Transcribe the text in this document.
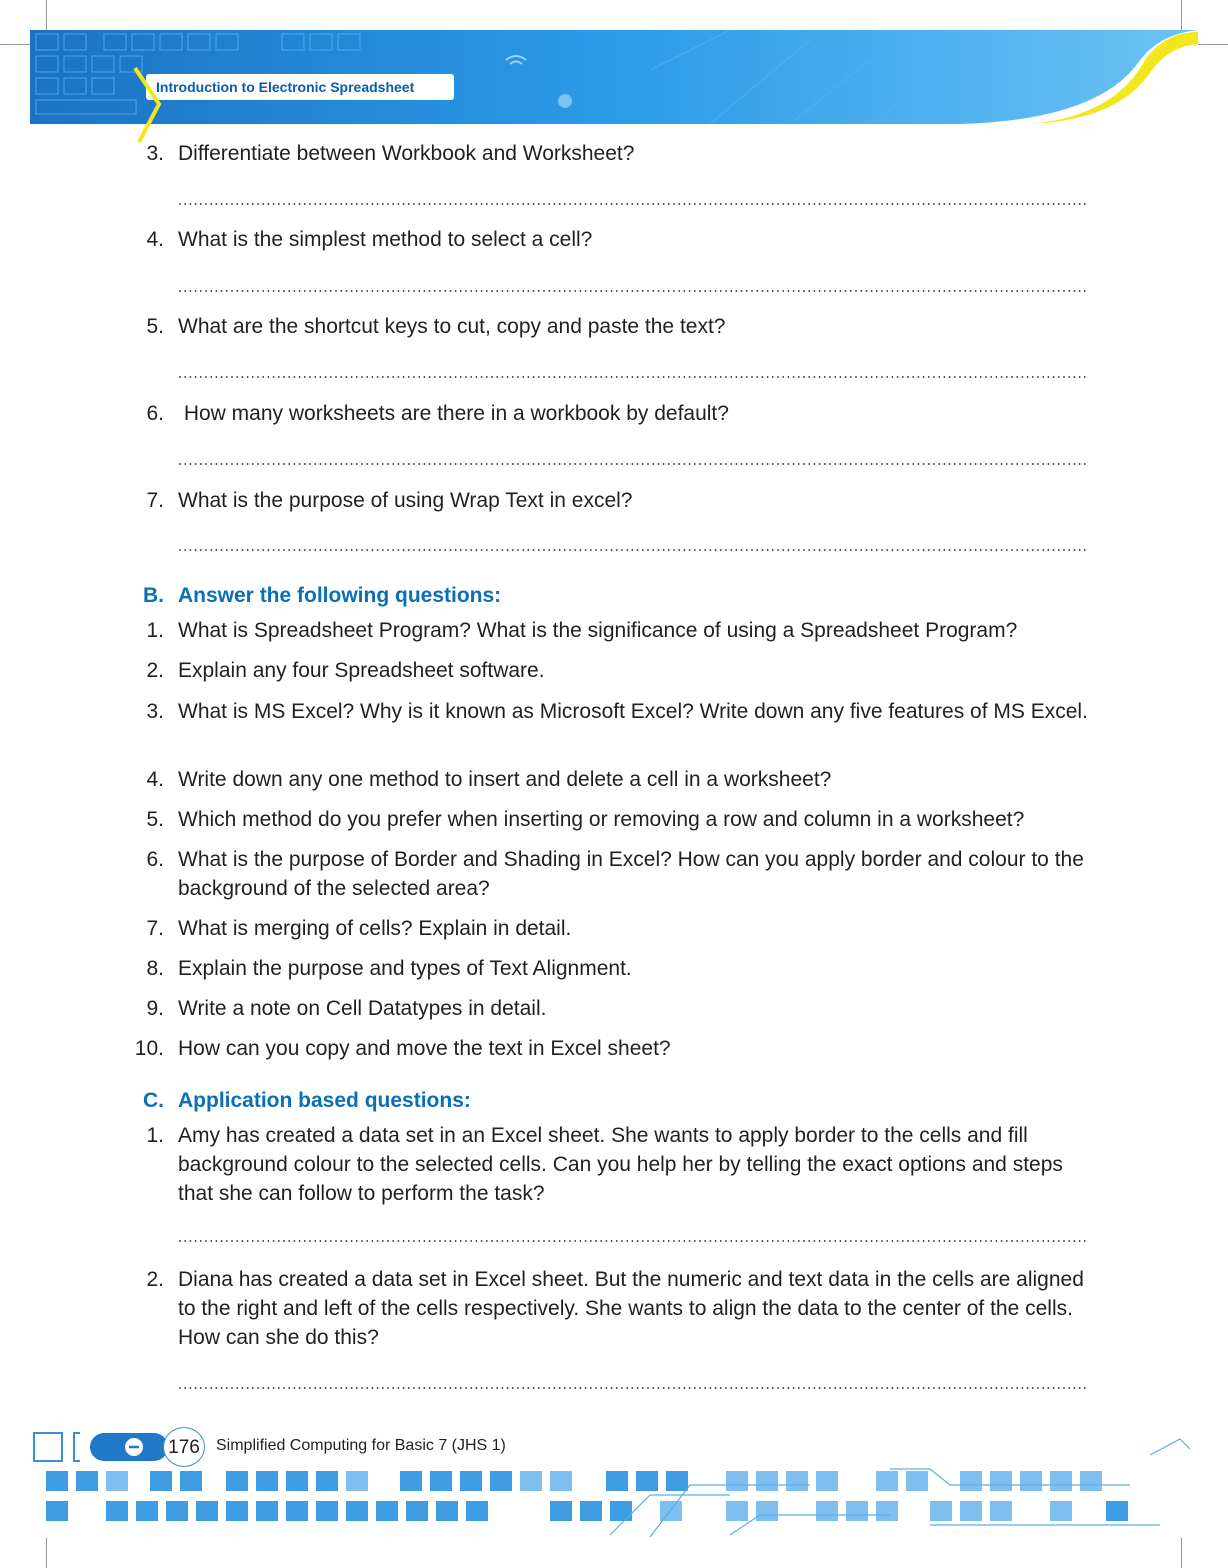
Introduction to Electronic Spreadsheet
3. Differentiate between Workbook and Worksheet?
4. What is the simplest method to select a cell?
5. What are the shortcut keys to cut, copy and paste the text?
6. How many worksheets are there in a workbook by default?
7. What is the purpose of using Wrap Text in excel?
B. Answer the following questions:
1. What is Spreadsheet Program? What is the significance of using a Spreadsheet Program?
2. Explain any four Spreadsheet software.
3. What is MS Excel? Why is it known as Microsoft Excel? Write down any five features of MS Excel.
4. Write down any one method to insert and delete a cell in a worksheet?
5. Which method do you prefer when inserting or removing a row and column in a worksheet?
6. What is the purpose of Border and Shading in Excel? How can you apply border and colour to the background of the selected area?
7. What is merging of cells? Explain in detail.
8. Explain the purpose and types of Text Alignment.
9. Write a note on Cell Datatypes in detail.
10. How can you copy and move the text in Excel sheet?
C. Application based questions:
1. Amy has created a data set in an Excel sheet. She wants to apply border to the cells and fill background colour to the selected cells. Can you help her by telling the exact options and steps that she can follow to perform the task?
2. Diana has created a data set in Excel sheet. But the numeric and text data in the cells are aligned to the right and left of the cells respectively. She wants to align the data to the center of the cells. How can she do this?
176	Simplified Computing for Basic 7 (JHS 1)
